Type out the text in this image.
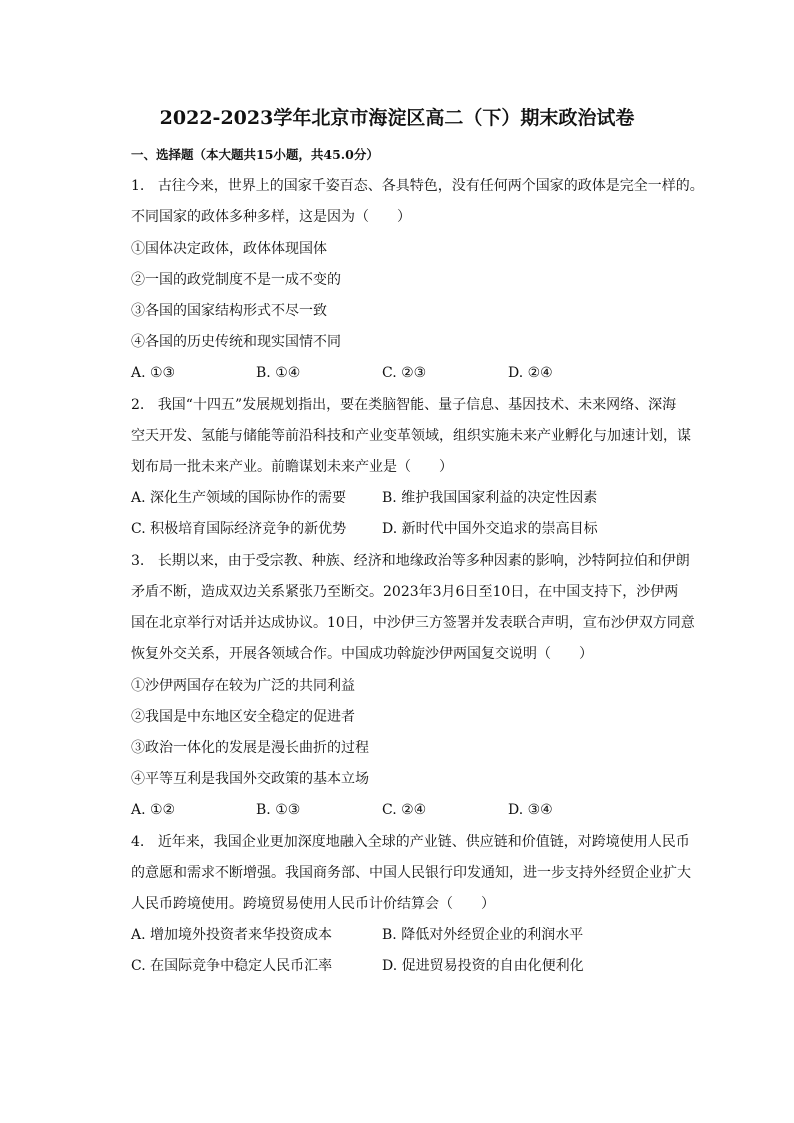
2022-2023学年北京市海淀区高二（下）期末政治试卷
一、选择题（本大题共15小题，共45.0分）
1. 古往今来，世界上的国家千姿百态、各具特色，没有任何两个国家的政体是完全一样的。
不同国家的政体多种多样，这是因为（　　）
①国体决定政体，政体体现国体
②一国的政党制度不是一成不变的
③各国的国家结构形式不尽一致
④各国的历史传统和现实国情不同
A. ①③	B. ①④	C. ②③	D. ②④
2. 我国“十四五”发展规划指出，要在类脑智能、量子信息、基因技术、未来网络、深海
空天开发、氢能与储能等前沿科技和产业变革领域，组织实施未来产业孵化与加速计划，谋
划布局一批未来产业。前瞻谋划未来产业是（　　）
A. 深化生产领域的国际协作的需要	B. 维护我国国家利益的决定性因素
C. 积极培育国际经济竞争的新优势	D. 新时代中国外交追求的崇高目标
3. 长期以来，由于受宗教、种族、经济和地缘政治等多种因素的影响，沙特阿拉伯和伊朗
矛盾不断，造成双边关系紧张乃至断交。2023年3月6日至10日，在中国支持下，沙伊两
国在北京举行对话并达成协议。10日，中沙伊三方签署并发表联合声明，宣布沙伊双方同意
恢复外交关系，开展各领域合作。中国成功斡旋沙伊两国复交说明（　　）
①沙伊两国存在较为广泛的共同利益
②我国是中东地区安全稳定的促进者
③政治一体化的发展是漫长曲折的过程
④平等互利是我国外交政策的基本立场
A. ①②	B. ①③	C. ②④	D. ③④
4. 近年来，我国企业更加深度地融入全球的产业链、供应链和价值链，对跨境使用人民币
的意愿和需求不断增强。我国商务部、中国人民银行印发通知，进一步支持外经贸企业扩大
人民币跨境使用。跨境贸易使用人民币计价结算会（　　）
A. 增加境外投资者来华投资成本	B. 降低对外经贸企业的利润水平
C. 在国际竞争中稳定人民币汇率	D. 促进贸易投资的自由化便利化
